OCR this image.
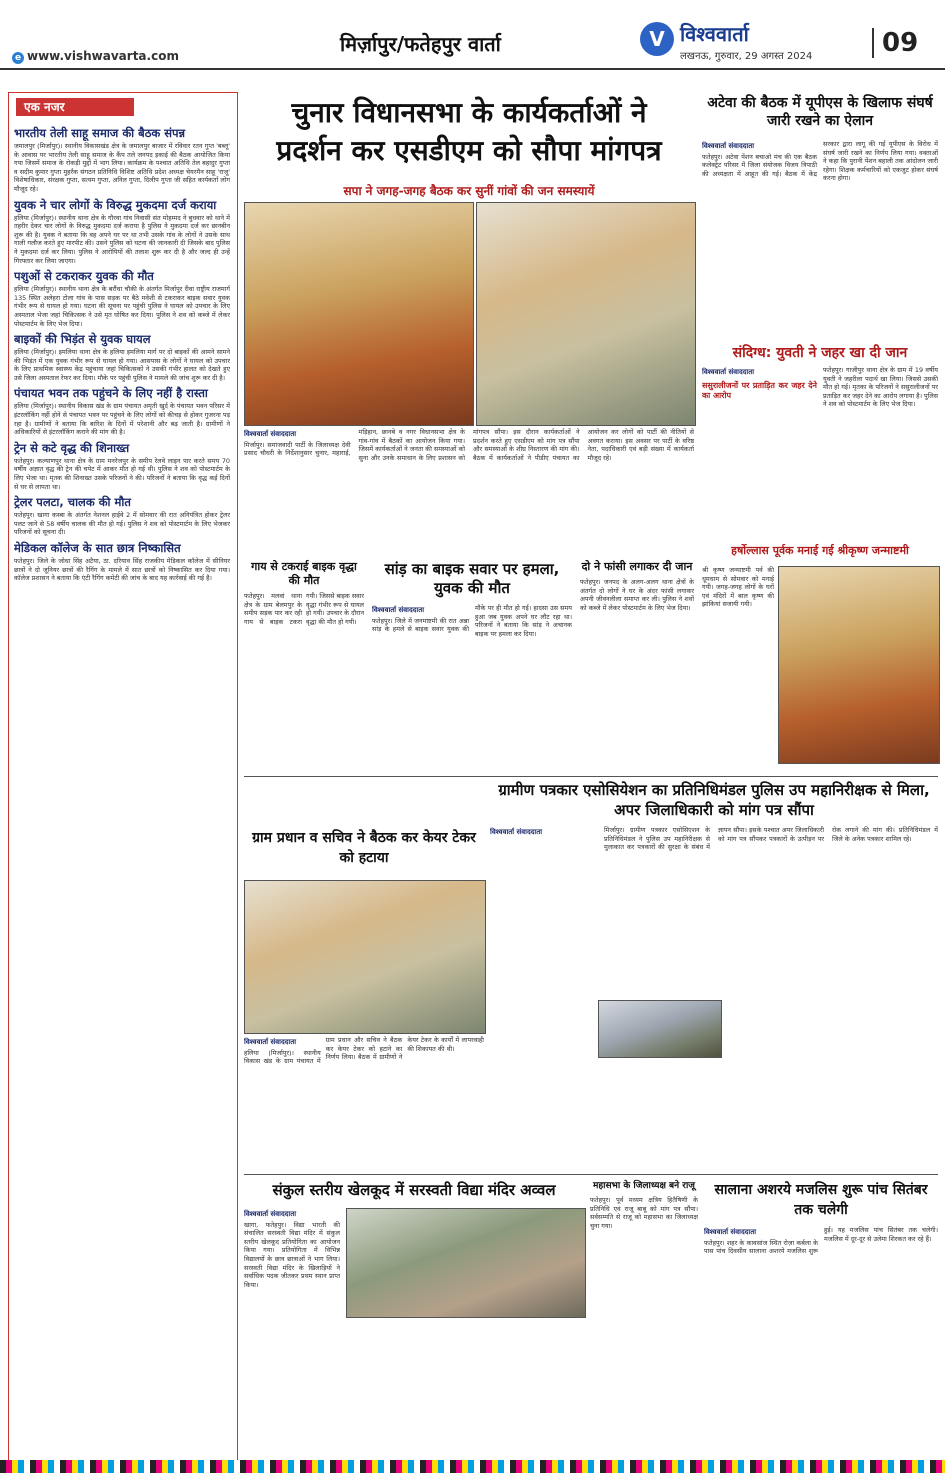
e www.vishwavarta.com	मिर्ज़ापुर/फतेहपुर वार्ता	V विश्ववार्ता
लखनऊ, गुरुवार, 29 अगस्त 2024	09
एक नजर
भारतीय तेली साहू समाज की बैठक संपन्न
जमालपुर (मिर्जापुर)। स्थानीय विकासखंड क्षेत्र के जमालपुर बाजार में रविवार रतन गुप्त 'बब्लू' के आवास पर भारतीय तेली साहू समाज के कैंप तले जनपद इकाई की बैठक आयोजित किया गया जिसमें समाज के रोकड़ी मुद्दों में भाग लिया। कार्यक्रम के पश्चात अतिथि तेल बहादुर गुप्ता व सदीम कुमार गुप्ता मुहर्रंक संगठन प्रतिनिधि विशिष्ट अतिथि प्रदेश अध्यक्ष चेयरमैन साहू 'राजू' विशेषाधिकार, संरक्षक गुप्ता, सत्यम गुप्ता, अनिल गुप्ता, दिलीप गुप्ता जी सहित कार्यकर्ता लोग मौजूद रहे।
युवक ने चार लोगों के विरुद्ध मुकदमा दर्ज कराया
हलिया (मिर्जापुर)। स्थानीय थाना क्षेत्र के गौरवा गांव निवासी संत मोहम्मद ने बुधवार को थाने में तहरीर देकर चार लोगों के विरुद्ध मुकदमा दर्ज कराया है पुलिस ने मुकदमा दर्ज कर छानबीन शुरू की है। युवक ने बताया कि वह अपने घर पर था तभी उसके गांव के लोगों ने उसके साथ गाली गलौज करते हुए मारपीट की। उसने पुलिस को घटना की जानकारी दी जिसके बाद पुलिस ने मुकदमा दर्ज कर लिया। पुलिस ने आरोपियों की तलाश शुरू कर दी है और जल्द ही उन्हें गिरफ्तार कर लिया जाएगा।
पशुओं से टकराकर युवक की मौत
हलिया (मिर्जापुर)। स्थानीय थाना क्षेत्र के बरौंधा चौकी के अंतर्गत मिर्जापुर रीवा राष्ट्रीय राजमार्ग 135 स्थित अलेहरा टोला गांव के पास सड़क पर बैठे मवेशी से टकराकर बाइक सवार युवक गंभीर रूप से घायल हो गया। घटना की सूचना पर पहुंची पुलिस ने घायल को उपचार के लिए अस्पताल भेजा जहां चिकित्सक ने उसे मृत घोषित कर दिया। पुलिस ने शव को कब्जे में लेकर पोस्टमार्टम के लिए भेज दिया।
बाइकों की भिड़ंत से युवक घायल
हलिया (मिर्जापुर)। इमलिया थाना क्षेत्र के हलिया इमलिया मार्ग पर दो बाइकों की आमने सामने की भिड़ंत में एक युवक गंभीर रूप से घायल हो गया। आसपास के लोगों ने घायल को उपचार के लिए प्राथमिक स्वास्थ्य केंद्र पहुंचाया जहां चिकित्सकों ने उसकी गंभीर हालत को देखते हुए उसे जिला अस्पताल रेफर कर दिया। मौके पर पहुंची पुलिस ने मामले की जांच शुरू कर दी है।
पंचायत भवन तक पहुंचने के लिए नहीं है रास्ता
हलिया (मिर्जापुर)। स्थानीय विकास खंड के ग्राम पंचायत अमृती खुर्द के पंचायत भवन परिसर में इंटरलॉकिंग नहीं होने से पंचायत भवन पर पहुंचने के लिए लोगों को कीचड़ से होकर गुजरना पड़ रहा है। ग्रामीणों ने बताया कि बारिश के दिनों में परेशानी और बढ़ जाती है। ग्रामीणों ने अधिकारियों से इंटरलॉकिंग कराने की मांग की है।
ट्रेन से कटे वृद्ध की शिनाख्त
फतेहपुर। कल्याणपुर थाना क्षेत्र के ग्राम मनरेजपुर के समीप रेलवे लाइन पार करते समय 70 वर्षीय अज्ञात वृद्ध की ट्रेन की चपेट में आकर मौत हो गई थी। पुलिस ने शव को पोस्टमार्टम के लिए भेजा था। मृतक की शिनाख्त उसके परिजनों ने की। परिजनों ने बताया कि वृद्ध कई दिनों से घर से लापता था।
ट्रेलर पलटा, चालक की मौत
फतेहपुर। खागा कस्बा के अंतर्गत नेशनल हाईवे 2 में सोमवार की रात अनियंत्रित होकर ट्रेलर पलट जाने से 58 वर्षीय चालक की मौत हो गई। पुलिस ने शव को पोस्टमार्टम के लिए भेजकर परिजनों को सूचना दी।
मेडिकल कॉलेज के सात छात्र निष्कासित
फतेहपुर। जिले के जोधा सिंह अटैया, ठा. दरियाव सिंह राजकीय मेडिकल कॉलेज में सीनियर छात्रों ने दो जूनियर छात्रों की रैगिंग के मामले में सात छात्रों को निष्कासित कर दिया गया। कॉलेज प्रशासन ने बताया कि एंटी रैगिंग कमेटी की जांच के बाद यह कार्रवाई की गई है।
चुनार विधानसभा के कार्यकर्ताओं ने
प्रदर्शन कर एसडीएम को सौपा मांगपत्र
सपा ने जगह-जगह बैठक कर सुनीं गांवों की जन समस्यायें
विश्ववार्ता संवाददाता
मिर्जापुर। समाजवादी पार्टी के जिलाध्यक्ष देवी प्रसाद चौधरी के निर्देशानुसार चुनार, महाराई, मड़िहान, छानबे व नगर विधानसभा क्षेत्र के गांव-गांव में बैठकों का आयोजन किया गया। जिसमें कार्यकर्ताओं ने जनता की समस्याओं को सुना और उनके समाधान के लिए प्रशासन को मांगपत्र सौंपा। इस दौरान कार्यकर्ताओं ने प्रदर्शन करते हुए एसडीएम को मांग पत्र सौंपा और समस्याओं के शीघ्र निस्तारण की मांग की। बैठक में कार्यकर्ताओं ने पीडीए पंचायत का आयोजन कर लोगों को पार्टी की नीतियों से अवगत कराया। इस अवसर पर पार्टी के वरिष्ठ नेता, पदाधिकारी एवं बड़ी संख्या में कार्यकर्ता मौजूद रहे।
अटेवा की बैठक में यूपीएस के खिलाफ संघर्ष जारी रखने का ऐलान
विश्ववार्ता संवाददाता
फतेहपुर। अटेवा पेंशन बचाओ मंच की एक बैठक कलेक्ट्रेट परिसर में जिला संयोजक विजय त्रिपाठी की अध्यक्षता में आहूत की गई। बैठक में केंद्र सरकार द्वारा लागू की गई यूपीएस के विरोध में संघर्ष जारी रखने का निर्णय लिया गया। वक्ताओं ने कहा कि पुरानी पेंशन बहाली तक आंदोलन जारी रहेगा। शिक्षक कर्मचारियों को एकजुट होकर संघर्ष करना होगा।
संदिग्ध: युवती ने जहर खा दी जान
विश्ववार्ता संवाददाता
ससुरालीजनों पर प्रताड़ित कर जहर देने का आरोप
फतेहपुर। गाजीपुर थाना क्षेत्र के ग्राम में 19 वर्षीय युवती ने जहरीला पदार्थ खा लिया। जिससे उसकी मौत हो गई। मृतका के परिजनों ने ससुरालीजनों पर प्रताड़ित कर जहर देने का आरोप लगाया है। पुलिस ने शव को पोस्टमार्टम के लिए भेज दिया।
हर्षोल्लास पूर्वक मनाई गई श्रीकृष्ण जन्माष्टमी
श्री कृष्ण जन्माष्टमी पर्व की धूमधाम से सोमवार को मनाई गयी। जगह-जगह लोगों के घरों एवं मंदिरों में बाल कृष्ण की झांकियां सजायी गयी।
गाय से टकराई बाइक वृद्धा की मौत
फतेहपुर। मलवां थाना क्षेत्र के ग्राम बेलमपुर के समीप सड़क पार कर रही गाय से बाइक टकरा गयी। जिससे बाइक सवार वृद्धा गंभीर रूप से घायल हो गयी। उपचार के दौरान वृद्धा की मौत हो गयी।
सांड़ का बाइक सवार पर हमला, युवक की मौत
विश्ववार्ता संवाददाता
फतेहपुर। जिले में जनमाष्टमी की रात अन्ना सांड़ के हमले से बाइक सवार युवक की मौके पर ही मौत हो गई। हादसा उस समय हुआ जब युवक अपने घर लौट रहा था। परिजनों ने बताया कि सांड़ ने अचानक बाइक पर हमला कर दिया।
दो ने फांसी लगाकर दी जान
फतेहपुर। जनपद के अलग-अलग थाना क्षेत्रों के अंतर्गत दो लोगों ने घर के अंदर फांसी लगाकर अपनी जीवनलीला समाप्त कर ली। पुलिस ने शवों को कब्जे में लेकर पोस्टमार्टम के लिए भेज दिया।
ग्राम प्रधान व सचिव ने बैठक कर केयर टेकर को हटाया
विश्ववार्ता संवाददाता
हलिया (मिर्जापुर)। स्थानीय विकास खंड के ग्राम पंचायत में ग्राम प्रधान और सचिव ने बैठक कर केयर टेकर को हटाने का निर्णय लिया। बैठक में ग्रामीणों ने केयर टेकर के कार्यों में लापरवाही की शिकायत की थी।
ग्रामीण पत्रकार एसोसियेशन का प्रतिनिधिमंडल पुलिस उप महानिरीक्षक से मिला, अपर जिलाधिकारी को मांग पत्र सौंपा
विश्ववार्ता संवाददाता	मिर्जापुर। ग्रामीण पत्रकार एसोसिएशन के प्रतिनिधिमंडल ने पुलिस उप महानिरीक्षक से मुलाकात कर पत्रकारों की सुरक्षा के संबंध में ज्ञापन सौंपा। इसके पश्चात अपर जिलाधिकारी को मांग पत्र सौंपकर पत्रकारों के उत्पीड़न पर रोक लगाने की मांग की। प्रतिनिधिमंडल में जिले के अनेक पत्रकार शामिल रहे।
संकुल स्तरीय खेलकूद में सरस्वती विद्या मंदिर अव्वल
विश्ववार्ता संवाददाता
खागा, फतेहपुर। विद्या भारती की संचालित सरस्वती विद्या मंदिर में संकुल स्तरीय खेलकूद प्रतियोगिता का आयोजन किया गया। प्रतियोगिता में विभिन्न विद्यालयों के छात्र छात्राओं ने भाग लिया। सरस्वती विद्या मंदिर के खिलाड़ियों ने सर्वाधिक पदक जीतकर प्रथम स्थान प्राप्त किया।
महासभा के जिलाध्यक्ष बने राजू
फतेहपुर। पूर्व मध्यम क्षत्रिय हितैषिणी के प्रतिनिधि एवं राजू बाबू को मांग पत्र सौंपा। सर्वसम्मति से राजू को महासभा का जिलाध्यक्ष चुना गया।
सालाना अशरये मजलिस शुरू पांच सितंबर तक चलेगी
विश्ववार्ता संवाददाता
फतेहपुर। शहर के कावसांज स्थित रोज़ा कर्बला के पास पांच दिवसीय सालाना अशरये मजलिस शुरू हुई। यह मजलिस पांच सितंबर तक चलेगी। मजलिस में दूर-दूर से उलेमा शिरकत कर रहे हैं।
